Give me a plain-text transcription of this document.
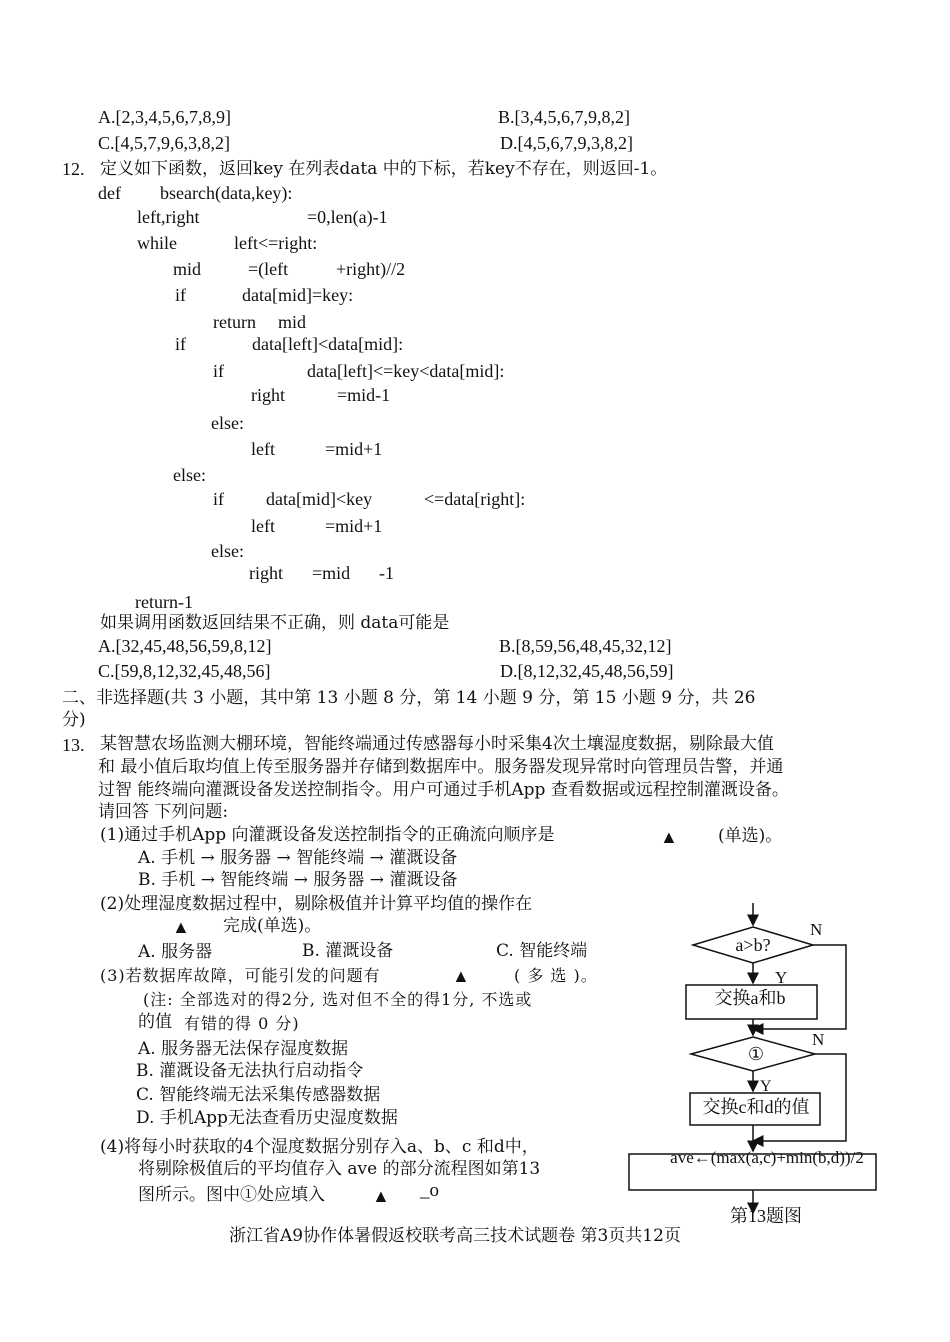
A.[2,3,4,5,6,7,8,9]	B.[3,4,5,6,7,9,8,2]
C.[4,5,7,9,6,3,8,2]	D.[4,5,6,7,9,3,8,2]
12. 定义如下函数，返回key 在列表data 中的下标，若key不存在，则返回-1。
def bsearch(data,key):
left,right	=0,len(a)-1
while	left<=right:
mid	=(left	+right)//2
if	data[mid]=key:
return mid
if	data[left]<data[mid]:
if	data[left]<=key<data[mid]:
right	=mid-1
else:
left	=mid+1
else:
if data[mid]<key	<=data[right]:
left	=mid+1
else:
right =mid -1
return-1
如果调用函数返回结果不正确，则 data可能是
A.[32,45,48,56,59,8,12]	B.[8,59,56,48,45,32,12]
C.[59,8,12,32,45,48,56]	D.[8,12,32,45,48,56,59]
二、非选择题(共 3 小题，其中第 13 小题 8 分，第 14 小题 9 分，第 15 小题 9 分，共 26
分)
13. 某智慧农场监测大棚环境，智能终端通过传感器每小时采集4次土壤湿度数据，剔除最大值
和 最小值后取均值上传至服务器并存储到数据库中。服务器发现异常时向管理员告警，并通
过智 能终端向灌溉设备发送控制指令。用户可通过手机App 查看数据或远程控制灌溉设备。
请回答 下列问题:
(1)通过手机App 向灌溉设备发送控制指令的正确流向顺序是	▲ (单选)。
A. 手机 → 服务器 → 智能终端 → 灌溉设备
B. 手机 → 智能终端 → 服务器 → 灌溉设备
(2)处理湿度数据过程中，剔除极值并计算平均值的操作在
▲ 完成(单选)。
A. 服务器	B. 灌溉设备	C. 智能终端
(3)若数据库故障，可能引发的问题有	▲	( 多 选 )。
(注: 全部选对的得2分, 选对但不全的得1分, 不选或
的值 有错的得 0 分)
A. 服务器无法保存湿度数据
B. 灌溉设备无法执行启动指令
C. 智能终端无法采集传感器数据
D. 手机App无法查看历史湿度数据
(4)将每小时获取的4个湿度数据分别存入a、b、c 和d中，
将剔除极值后的平均值存入 ave 的部分流程图如第13
图所示。图中①处应填入	▲ _o
a>b?
交换a和b
①
交换c和d的值
ave←(max(a,c)+min(b,d))/2
N
Y
N
Y
第13题图
浙江省A9协作体暑假返校联考高三技术试题卷 第3页共12页
